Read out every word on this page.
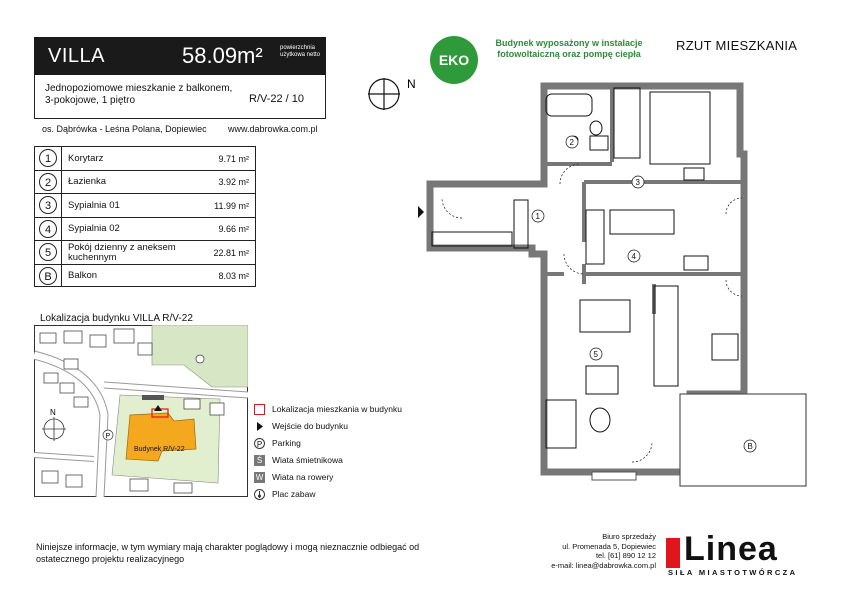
VILLA	58.09m²	powierzchnia użytkowa netto
Jednopoziomowe mieszkanie z balkonem, 3-pokojowe, 1 piętro	R/V-22 / 10
os. Dąbrówka - Leśna Polana, Dopiewiec www.dabrowka.com.pl
1	Korytarz	9.71 m²
2	Łazienka	3.92 m²
3	Sypialnia 01	11.99 m²
4	Sypialnia 02	9.66 m²
5	Pokój dzienny z aneksem kuchennym	22.81 m²
B	Balkon	8.03 m²
Lokalizacja budynku VILLA R/V-22
Budynek R/V-22
P
N	Lokalizacja mieszkania w budynku
Wejście do budynku
P	Parking
Ś	Wiata śmietnikowa
W Wiata na rowery
Plac zabaw
EKO
Budynek wyposażony w instalacje fotowoltaiczną oraz pompę ciepła
RZUT MIESZKANIA
N
1
2
3
4
5
B
Niniejsze informacje, w tym wymiary mają charakter poglądowy i mogą nieznacznie odbiegać od ostatecznego projektu realizacyjnego
Biuro sprzedaży
ul. Promenada 5, Dopiewiec
tel. [61] 890 12 12
e-mail: linea@dabrowka.com.pl Linea
SIŁA MIASTOTWÓRCZA
